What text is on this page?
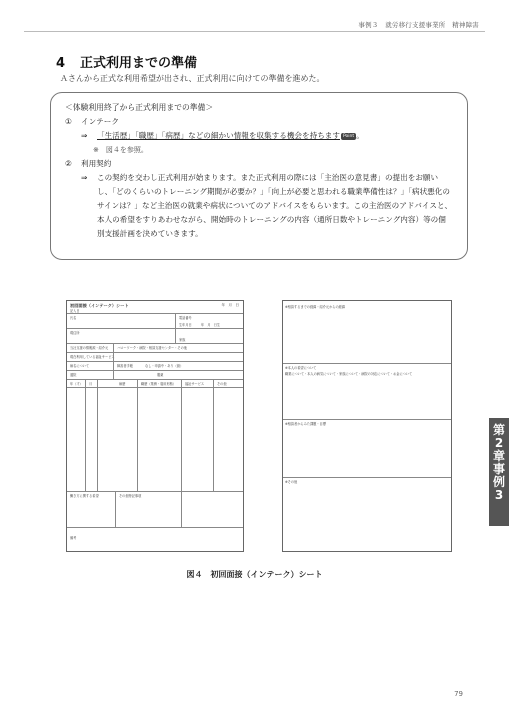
事例３　就労移行支援事業所　精神障害
4 正式利用までの準備
Ａさんから正式な利用希望が出され、正式利用に向けての準備を進めた。
＜体験利用終了から正式利用までの準備＞
① インテーク
⇒ 「生活歴」「職歴」「病歴」などの細かい情報を収集する機会を持ちます Point 。
※　図４を参照。
② 利用契約
⇒ この契約を交わし正式利用が始まります。また正式利用の際には「主治医の意見書」の提出をお願いし、「どのくらいのトレーニング期間が必要か？」「向上が必要と思われる職業準備性は？」「病状悪化のサインは？」など主治医の就業や病状についてのアドバイスをもらいます。この主治医のアドバイスと、本人の希望をすりあわせながら、開始時のトレーニングの内容（通所日数やトレーニング内容）等の個別支援計画を決めていきます。
第
2
章
事
例
3
初回面接（インテーク）シート	年　月　日
記入日
氏名	電話番号
生年月日	年　月　日生
現住所
家族
当社支援の情報源・紹介元	ハローワーク・病院・相談支援センター・その他
現在利用している福祉サービス
病名について	障害者手帳	なし・申請中・あり（級）
通院	服薬
年（才） 月	病歴	職歴（業務・雇用形態）	福祉サービス	その他
働き方に関する希望	その他特記事項
備考
※相談するまでの経緯・紹介元からの経緯
※本人の希望について
職業について・本人の病気について・家族について・病院の対応について・お金について
※相談者からみた課題・目標
※その他
図４　初回面接（インテーク）シート
79
